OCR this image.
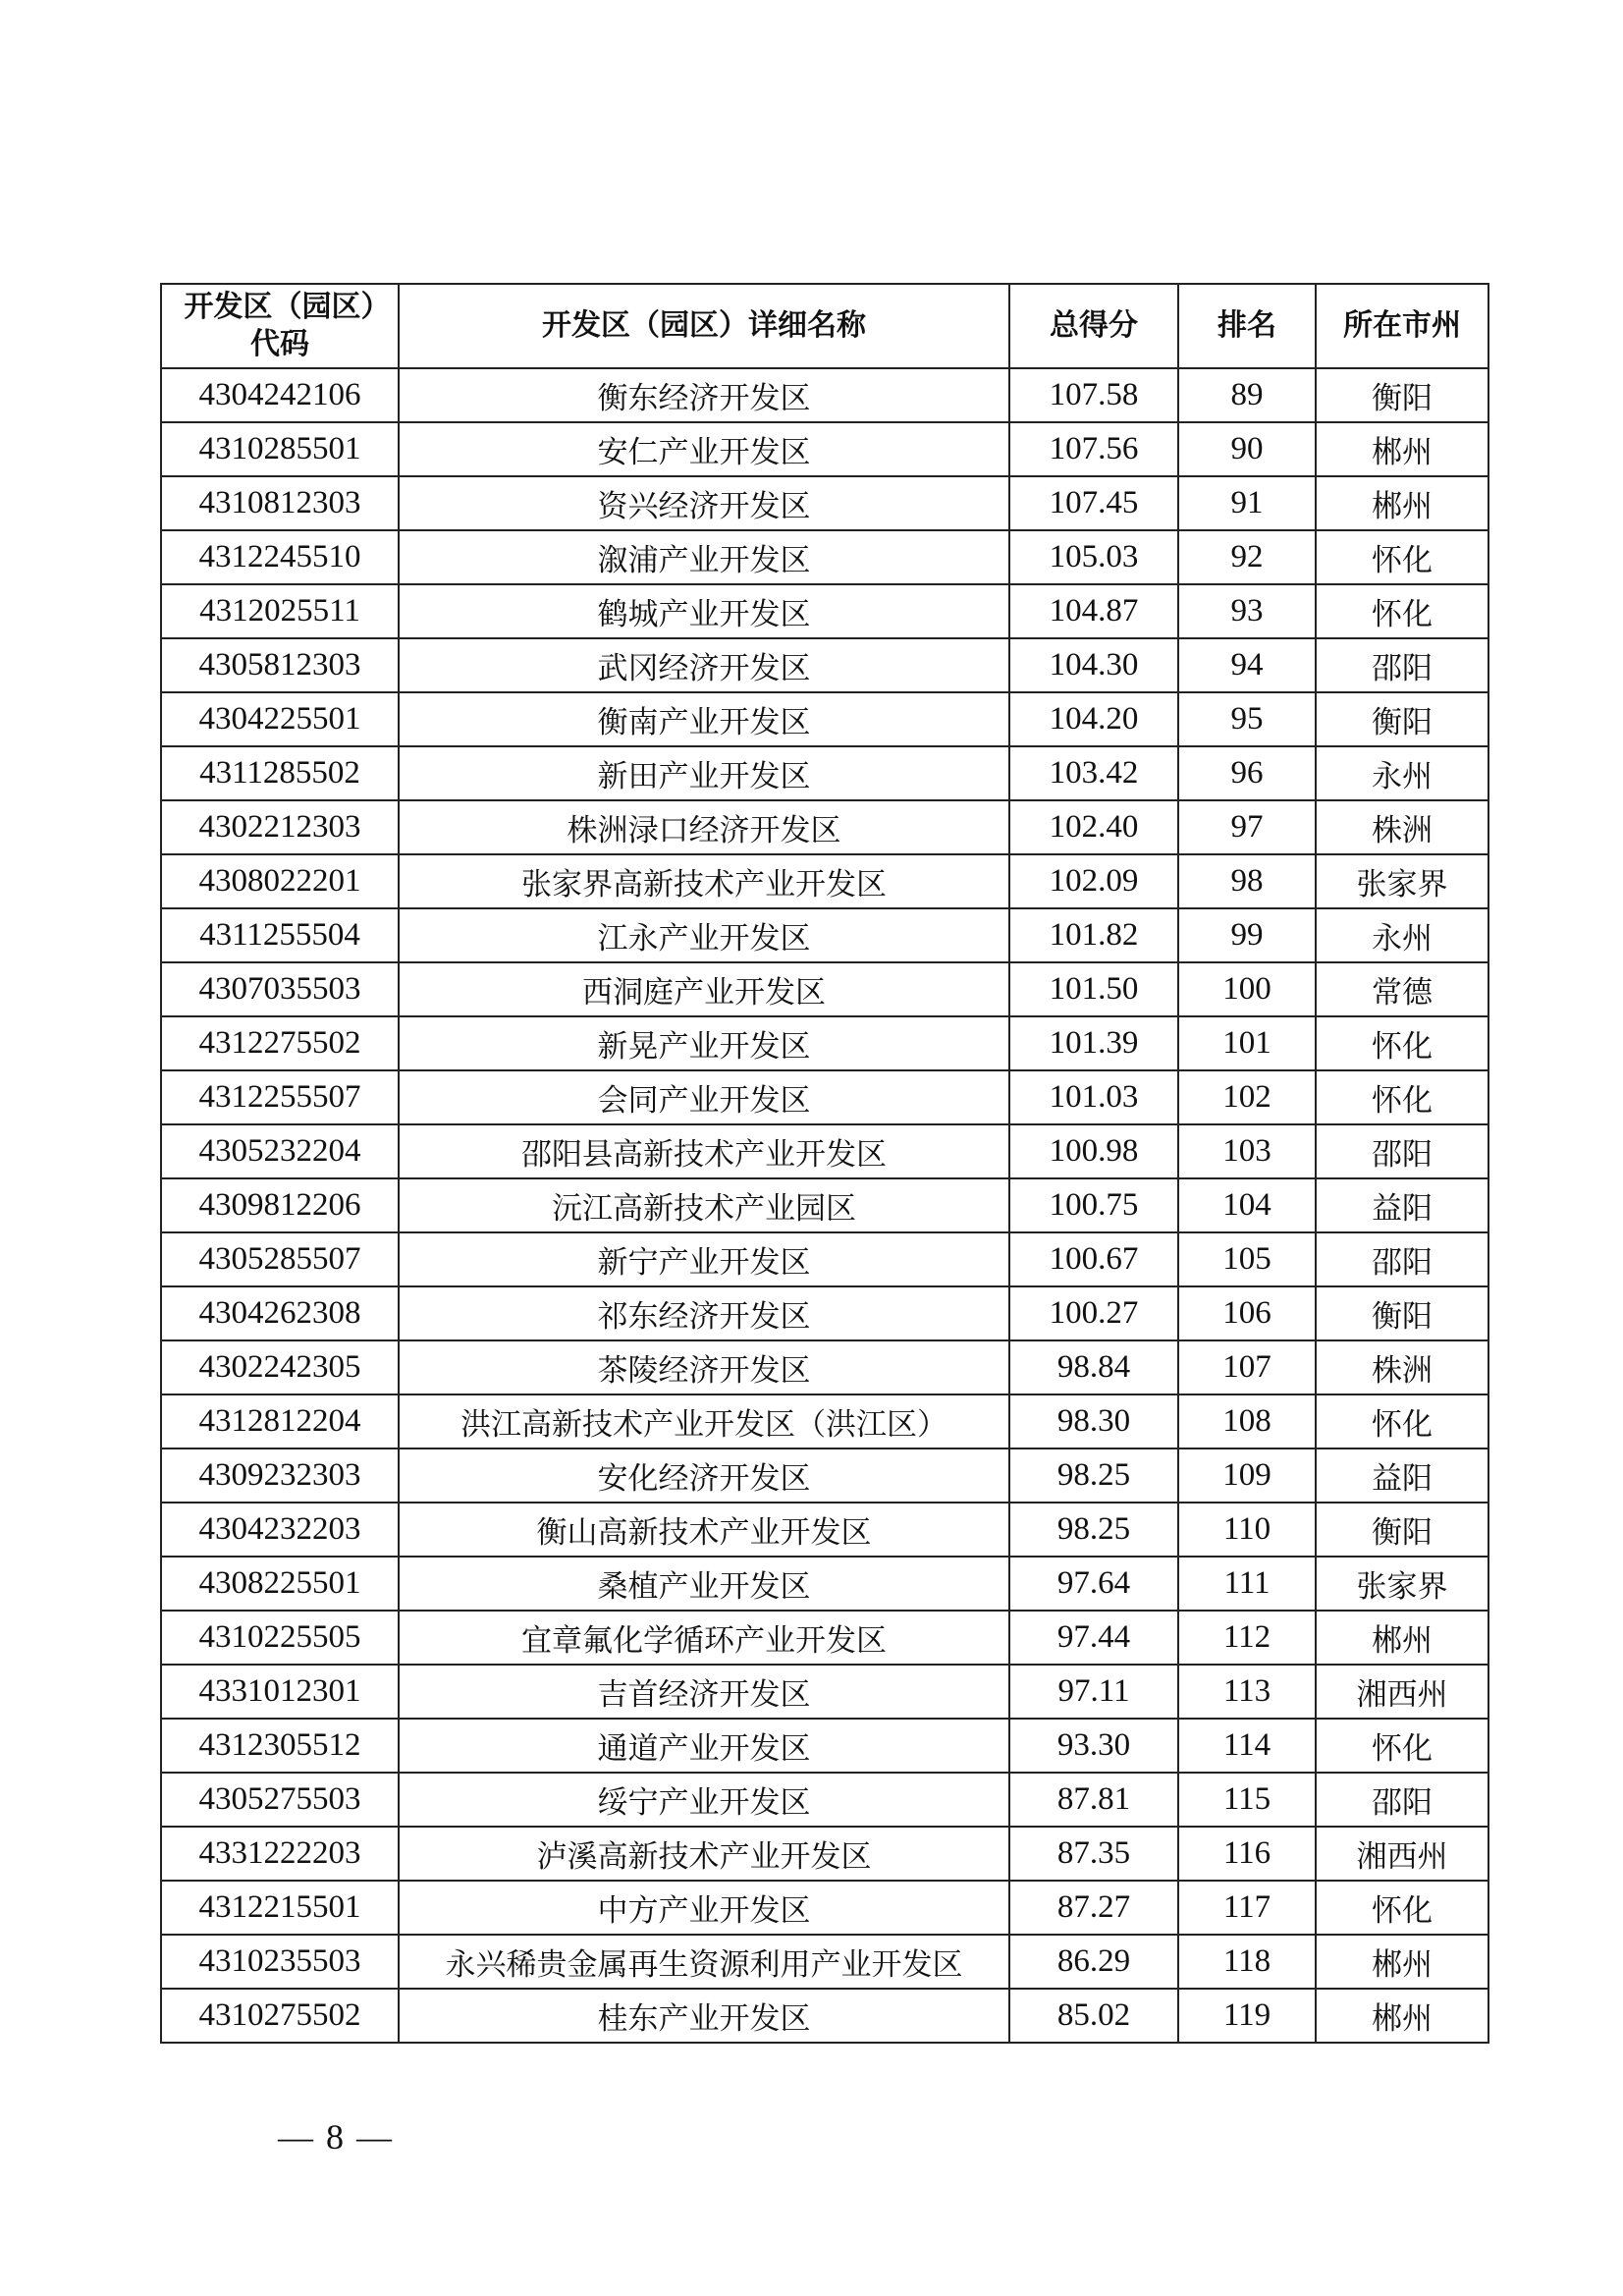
开发区（园区）代码	开发区（园区）详细名称	总得分	排名	所在市州
4304242106	衡东经济开发区	107.58	89	衡阳
4310285501	安仁产业开发区	107.56	90	郴州
4310812303	资兴经济开发区	107.45	91	郴州
4312245510	溆浦产业开发区	105.03	92	怀化
4312025511	鹤城产业开发区	104.87	93	怀化
4305812303	武冈经济开发区	104.30	94	邵阳
4304225501	衡南产业开发区	104.20	95	衡阳
4311285502	新田产业开发区	103.42	96	永州
4302212303	株洲渌口经济开发区	102.40	97	株洲
4308022201	张家界高新技术产业开发区	102.09	98	张家界
4311255504	江永产业开发区	101.82	99	永州
4307035503	西洞庭产业开发区	101.50	100	常德
4312275502	新晃产业开发区	101.39	101	怀化
4312255507	会同产业开发区	101.03	102	怀化
4305232204	邵阳县高新技术产业开发区	100.98	103	邵阳
4309812206	沅江高新技术产业园区	100.75	104	益阳
4305285507	新宁产业开发区	100.67	105	邵阳
4304262308	祁东经济开发区	100.27	106	衡阳
4302242305	茶陵经济开发区	98.84	107	株洲
4312812204	洪江高新技术产业开发区（洪江区）	98.30	108	怀化
4309232303	安化经济开发区	98.25	109	益阳
4304232203	衡山高新技术产业开发区	98.25	110	衡阳
4308225501	桑植产业开发区	97.64	111	张家界
4310225505	宜章氟化学循环产业开发区	97.44	112	郴州
4331012301	吉首经济开发区	97.11	113	湘西州
4312305512	通道产业开发区	93.30	114	怀化
4305275503	绥宁产业开发区	87.81	115	邵阳
4331222203	泸溪高新技术产业开发区	87.35	116	湘西州
4312215501	中方产业开发区	87.27	117	怀化
4310235503	永兴稀贵金属再生资源利用产业开发区	86.29	118	郴州
4310275502	桂东产业开发区	85.02	119	郴州
— 8 —
